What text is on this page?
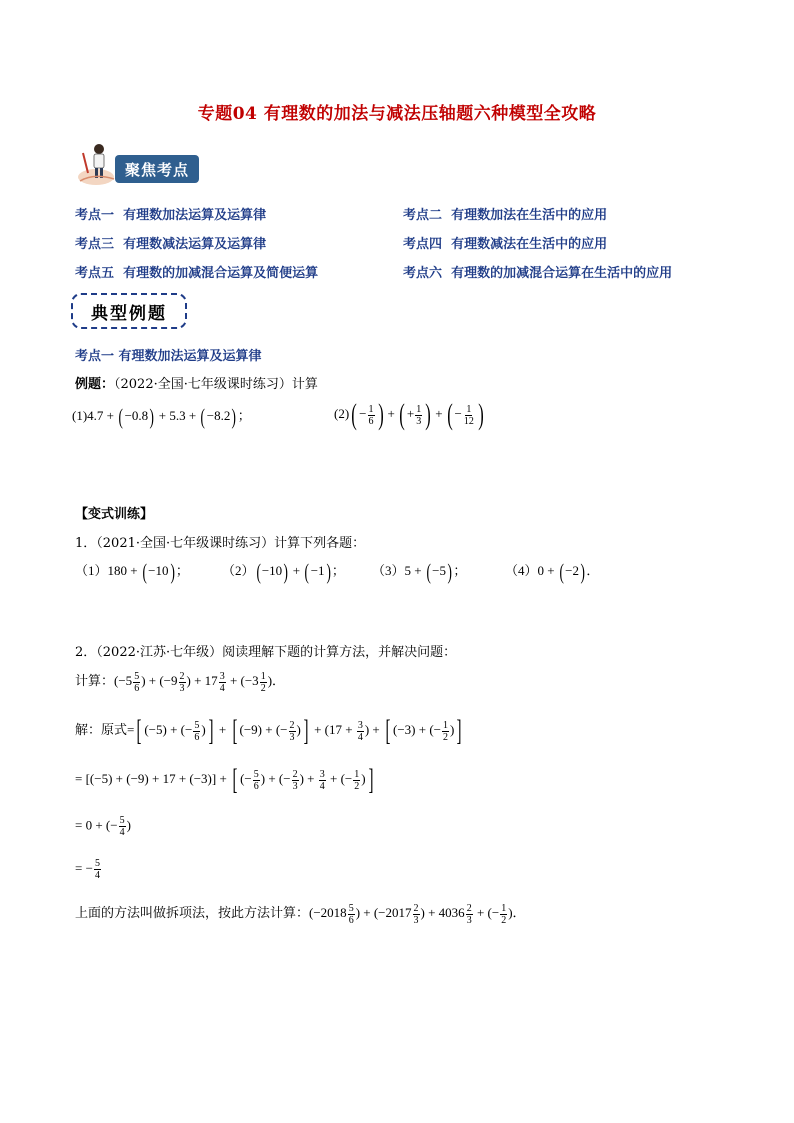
专题04 有理数的加法与减法压轴题六种模型全攻略
聚焦考点
考点一 有理数加法运算及运算律	考点二 有理数加法在生活中的应用
考点三 有理数减法运算及运算律	考点四 有理数减法在生活中的应用
考点五 有理数的加减混合运算及简便运算	考点六 有理数的加减混合运算在生活中的应用
典型例题
考点一 有理数加法运算及运算律
例题：（2022·全国·七年级课时练习）计算
(1)4.7 + (−0.8) + 5.3 + (−8.2)；	$(2)( - \frac{1}{6}$ ) + ( + $\frac{1}{3}$ ) + ( − $\frac{1}{12}$ )
【变式训练】
1．（2021·全国·七年级课时练习）计算下列各题：
（1）180 + (−10)；	（2）(−10) + (−1)； （3）5 + (−5)；	（4）0 + (−2)．
2．（2022·江苏·七年级）阅读理解下题的计算方法，并解决问题：
计算：($-5 \frac{5}{6}$ ) + ($-9 \frac{2}{3}$ ) + $17 \frac{3}{4} + (-3 \frac{1}{2}$ )．
解：原式=[ (−5) + (− $\frac{5}{6}$ )] + [ (−9) + (− $\frac{2}{3}$ )] + ($17 + \frac{3}{4}$ ) + [ (−3) + (− $\frac{1}{2}$ )]
= [(−5) + (−9) + 17 + (−3)] + [ (− $\frac{5}{6}$ ) + (− $\frac{2}{3}$ ) + $\frac{3}{4}$ + (− $\frac{1}{2}$ )]
= 0 + (− $\frac{5}{4}$ )
= − $\frac{5}{4}$
上面的方法叫做拆项法，按此方法计算：($-2018 \frac{5}{6}$ ) + ($-2017 \frac{2}{3}$ ) + $4036 \frac{2}{3}$ + (− $\frac{1}{2}$ )．
